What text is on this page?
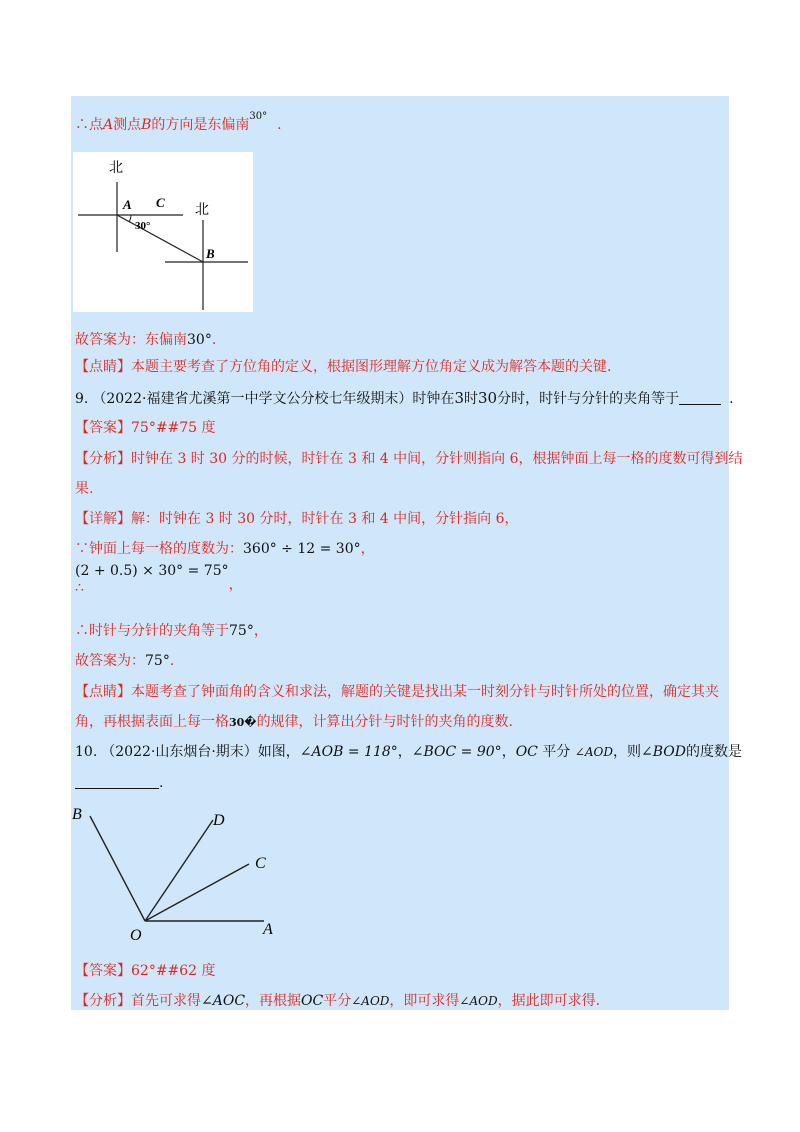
∴点A测点B的方向是东偏南$^{30^\circ}$.
北
北
A C
B
30°
故答案为：东偏南30°.
【点睛】本题主要考查了方位角的定义，根据图形理解方位角定义成为解答本题的关键.
9. （2022·福建省尤溪第一中学文公分校七年级期末）时钟在3时30分时，时针与分针的夹角等于	.
【答案】75°##75 度
【分析】时钟在 3 时 30 分的时候，时针在 3 和 4 中间，分针则指向 6，根据钟面上每一格的度数可得到结
果.
【详解】解：时钟在 3 时 30 分时，时针在 3 和 4 中间，分针指向 6，
∵钟面上每一格的度数为：360° ÷ 12 = 30°，
(2 + 0.5) × 30° = 75°，
∴
∴时针与分针的夹角等于75°，
故答案为：75°.
【点睛】本题考查了钟面角的含义和求法，解题的关键是找出某一时刻分针与时针所处的位置，确定其夹
角，再根据表面上每一格30�的规律，计算出分针与时针的夹角的度数.
10. （2022·山东烟台·期末）如图，∠AOB = 118°，∠BOC = 90°，OC 平分 ∠AOD，则∠BOD的度数是
.
B	D
C
O	A
【答案】62°##62 度
【分析】首先可求得∠AOC，再根据OC平分∠AOD，即可求得∠AOD，据此即可求得.
